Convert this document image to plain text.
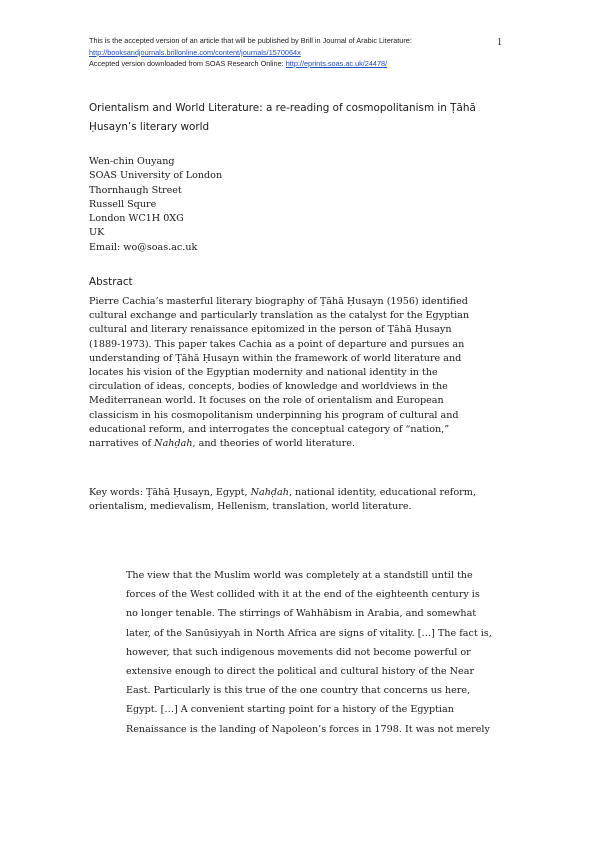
This is the accepted version of an article that will be published by Brill in Journal of Arabic Literature:
http://booksandjournals.brillonline.com/content/journals/1570064x
Accepted version downloaded from SOAS Research Online: http://eprints.soas.ac.uk/24478/
1
Orientalism and World Literature: a re-reading of cosmopolitanism in Ṭāhā
Ḥusayn’s literary world
Wen-chin Ouyang
SOAS University of London
Thornhaugh Street
Russell Squre
London WC1H 0XG
UK
Email: wo@soas.ac.uk
Abstract
Pierre Cachia’s masterful literary biography of Ṭāhā Ḥusayn (1956) identified
cultural exchange and particularly translation as the catalyst for the Egyptian
cultural and literary renaissance epitomized in the person of Ṭāhā Ḥusayn
(1889-1973). This paper takes Cachia as a point of departure and pursues an
understanding of Ṭāhā Ḥusayn within the framework of world literature and
locates his vision of the Egyptian modernity and national identity in the
circulation of ideas, concepts, bodies of knowledge and worldviews in the
Mediterranean world. It focuses on the role of orientalism and European
classicism in his cosmopolitanism underpinning his program of cultural and
educational reform, and interrogates the conceptual category of “nation,”
narratives of Nahḍah, and theories of world literature.
Key words: Ṭāhā Ḥusayn, Egypt, Nahḍah, national identity, educational reform,
orientalism, medievalism, Hellenism, translation, world literature.
The view that the Muslim world was completely at a standstill until the
forces of the West collided with it at the end of the eighteenth century is
no longer tenable. The stirrings of Wahhābism in Arabia, and somewhat
later, of the Sanūsiyyah in North Africa are signs of vitality. […] The fact is,
however, that such indigenous movements did not become powerful or
extensive enough to direct the political and cultural history of the Near
East. Particularly is this true of the one country that concerns us here,
Egypt. […] A convenient starting point for a history of the Egyptian
Renaissance is the landing of Napoleon’s forces in 1798. It was not merely
